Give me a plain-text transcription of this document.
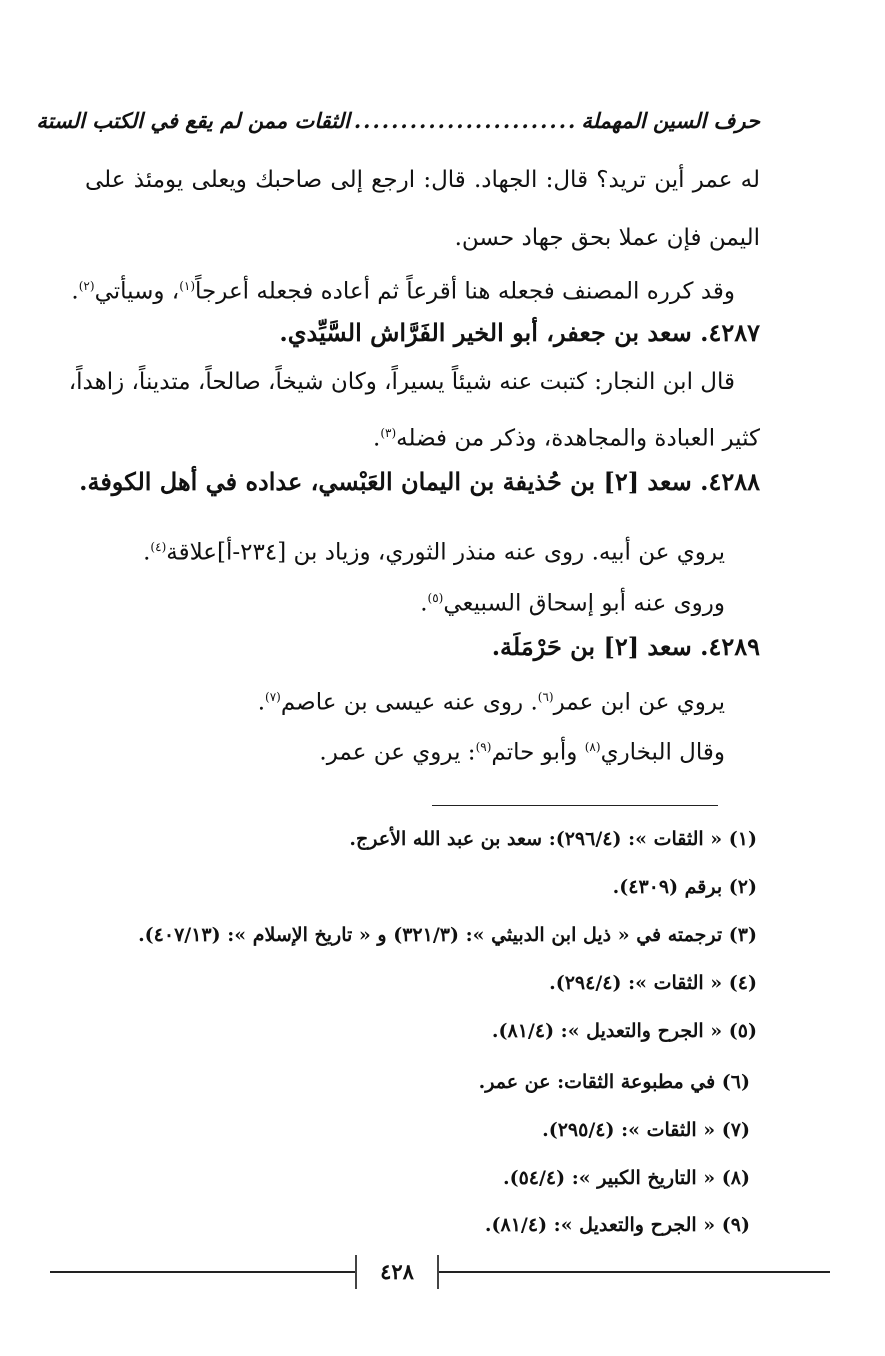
حرف السين المهملة
........................
الثقات ممن لم يقع في الكتب الستة
له عمر أين تريد؟ قال: الجهاد. قال: ارجع إلى صاحبك ويعلى يومئذ على
اليمن فإن عملا بحق جهاد حسن.
وقد كرره المصنف فجعله هنا أقرعاً ثم أعاده فجعله أعرجاً$^{(١)}$، وسيأتي$^{(٢)}$.
٤٢٨٧. سعد بن جعفر، أبو الخير الفَرَّاش السَّيِّدي.
قال ابن النجار: كتبت عنه شيئاً يسيراً، وكان شيخاً، صالحاً، متديناً، زاهداً،
كثير العبادة والمجاهدة، وذكر من فضله$^{(٣)}$.
٤٢٨٨. سعد [٢] بن حُذيفة بن اليمان العَبْسي، عداده في أهل الكوفة.
يروي عن أبيه. روى عنه منذر الثوري، وزياد بن [٢٣٤-أ]علاقة$^{(٤)}$.
وروى عنه أبو إسحاق السبيعي$^{(٥)}$.
٤٢٨٩. سعد [٢] بن حَرْمَلَة.
يروي عن ابن عمر$^{(٦)}$. روى عنه عيسى بن عاصم$^{(٧)}$.
وقال البخاري$^{(٨)}$ وأبو حاتم$^{(٩)}$: يروي عن عمر.
(١) « الثقات »: (٢٩٦/٤): سعد بن عبد الله الأعرج.
(٢) برقم (٤٣٠٩).
(٣) ترجمته في « ذيل ابن الدبيثي »: (٣٢١/٣) و « تاريخ الإسلام »: (٤٠٧/١٣).
(٤) « الثقات »: (٢٩٤/٤).
(٥) « الجرح والتعديل »: (٨١/٤).
(٦) في مطبوعة الثقات: عن عمر.
(٧) « الثقات »: (٢٩٥/٤).
(٨) « التاريخ الكبير »: (٥٤/٤).
(٩) « الجرح والتعديل »: (٨١/٤).
٤٢٨
